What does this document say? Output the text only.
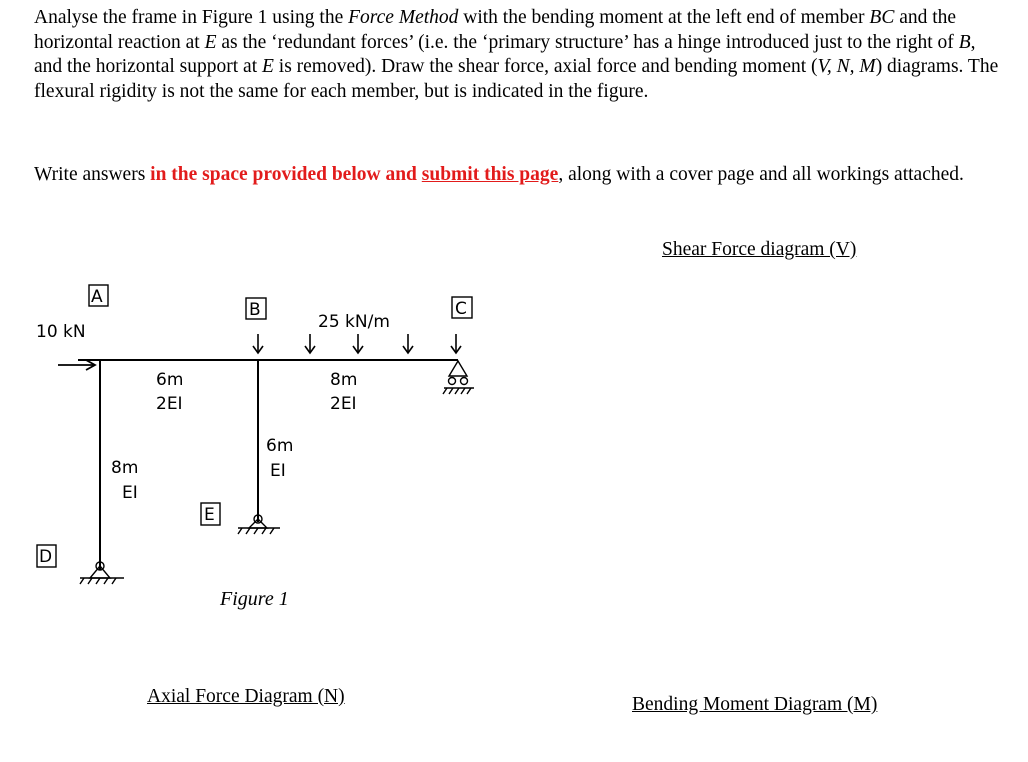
Analyse the frame in Figure 1 using the Force Method with the bending moment at the left end of member BC and the horizontal reaction at E as the ‘redundant forces’ (i.e. the ‘primary structure’ has a hinge introduced just to the right of B, and the horizontal support at E is removed). Draw the shear force, axial force and bending moment (V, N, M) diagrams. The flexural rigidity is not the same for each member, but is indicated in the figure.
Write answers in the space provided below and submit this page, along with a cover page and all workings attached.
Shear Force diagram (V)
Axial Force Diagram (N)	Bending Moment Diagram (M)
10 kN	25 kN/m
A
B	C
D
E
6m
2EI
8m
2EI
6m
EI
8m
EI
Figure 1
